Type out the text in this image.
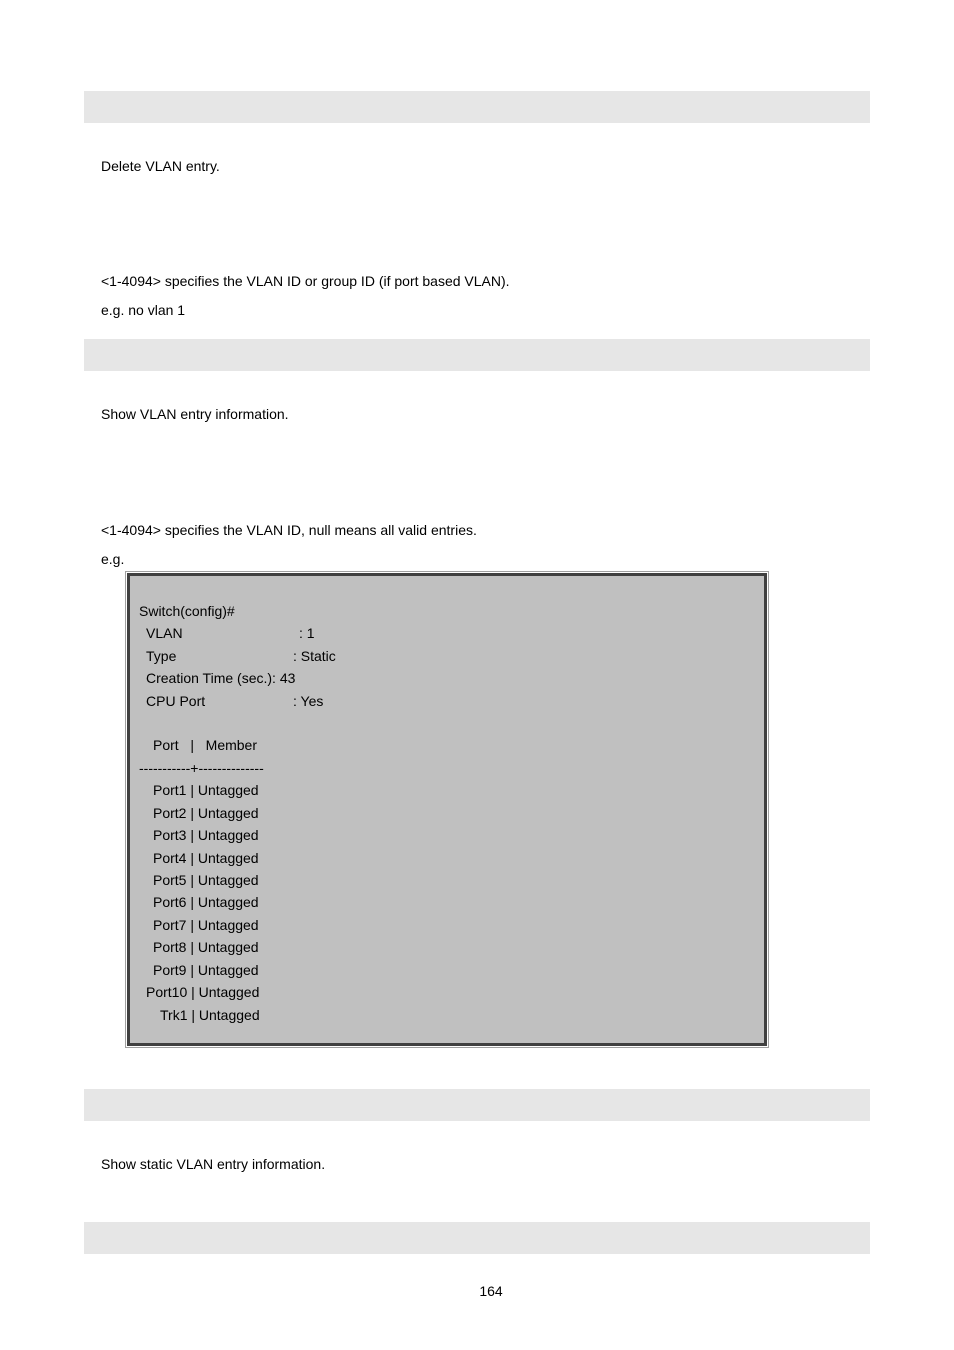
Delete VLAN entry.
<1-4094> specifies the VLAN ID or group ID (if port based VLAN).
e.g. no vlan 1
Show VLAN entry information.
<1-4094> specifies the VLAN ID, null means all valid entries.
e.g.
Switch(config)#
VLAN	: 1
Type	: Static
Creation Time (sec.): 43
CPU Port	: Yes
Port   |   Member
-----------+--------------
Port1 | Untagged
Port2 | Untagged
Port3 | Untagged
Port4 | Untagged
Port5 | Untagged
Port6 | Untagged
Port7 | Untagged
Port8 | Untagged
Port9 | Untagged
Port10 | Untagged
Trk1 | Untagged
Show static VLAN entry information.
164
